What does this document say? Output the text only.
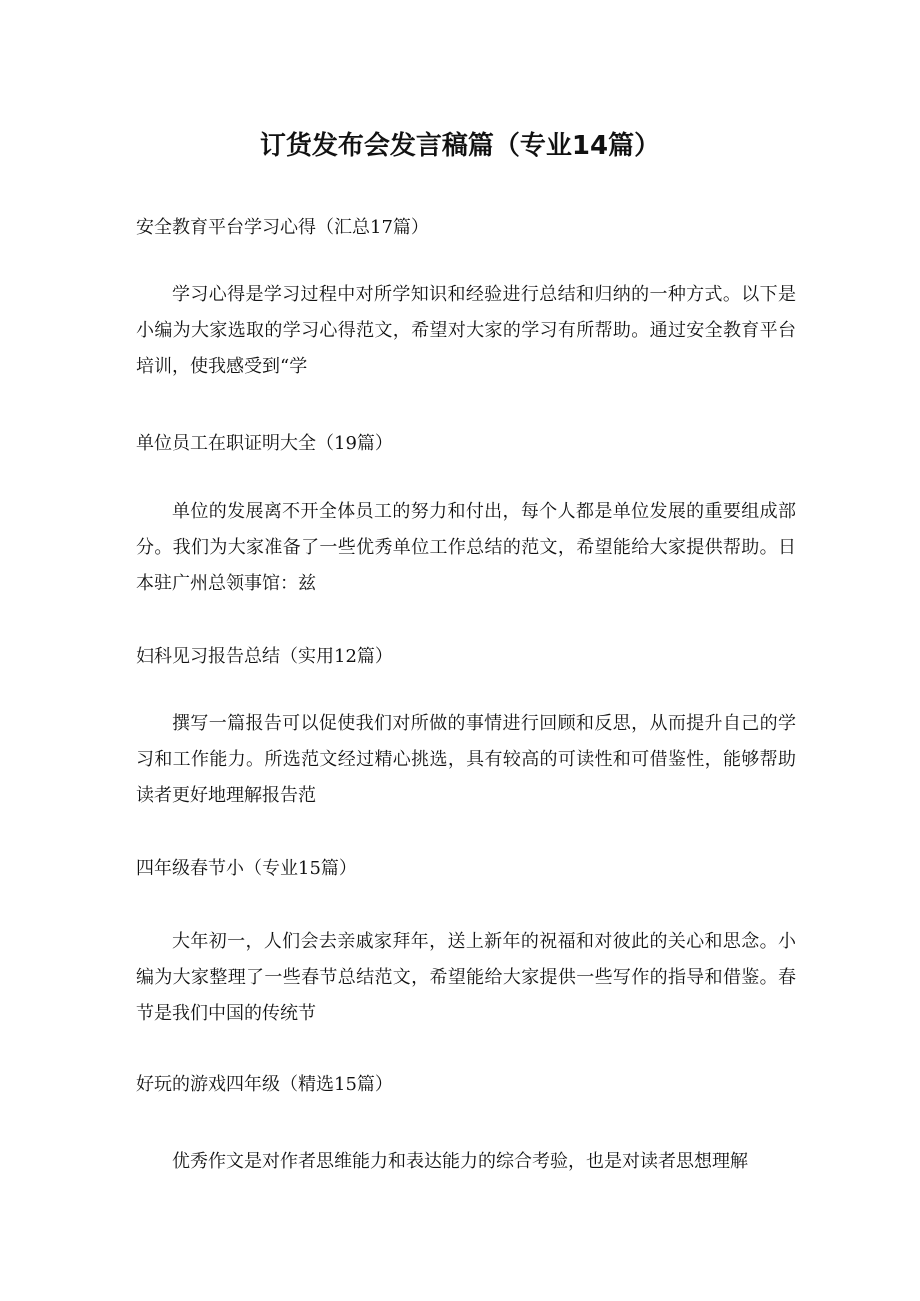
订货发布会发言稿篇（专业14篇）

安全教育平台学习心得（汇总17篇）

学习心得是学习过程中对所学知识和经验进行总结和归纳的一种方式。以下是小编为大家选取的学习心得范文，希望对大家的学习有所帮助。通过安全教育平台培训，使我感受到“学

单位员工在职证明大全（19篇）

单位的发展离不开全体员工的努力和付出，每个人都是单位发展的重要组成部分。我们为大家准备了一些优秀单位工作总结的范文，希望能给大家提供帮助。日本驻广州总领事馆：兹

妇科见习报告总结（实用12篇）

撰写一篇报告可以促使我们对所做的事情进行回顾和反思，从而提升自己的学习和工作能力。所选范文经过精心挑选，具有较高的可读性和可借鉴性，能够帮助读者更好地理解报告范

四年级春节小（专业15篇）

大年初一，人们会去亲戚家拜年，送上新年的祝福和对彼此的关心和思念。小编为大家整理了一些春节总结范文，希望能给大家提供一些写作的指导和借鉴。春节是我们中国的传统节

好玩的游戏四年级（精选15篇）

优秀作文是对作者思维能力和表达能力的综合考验，也是对读者思想理解
